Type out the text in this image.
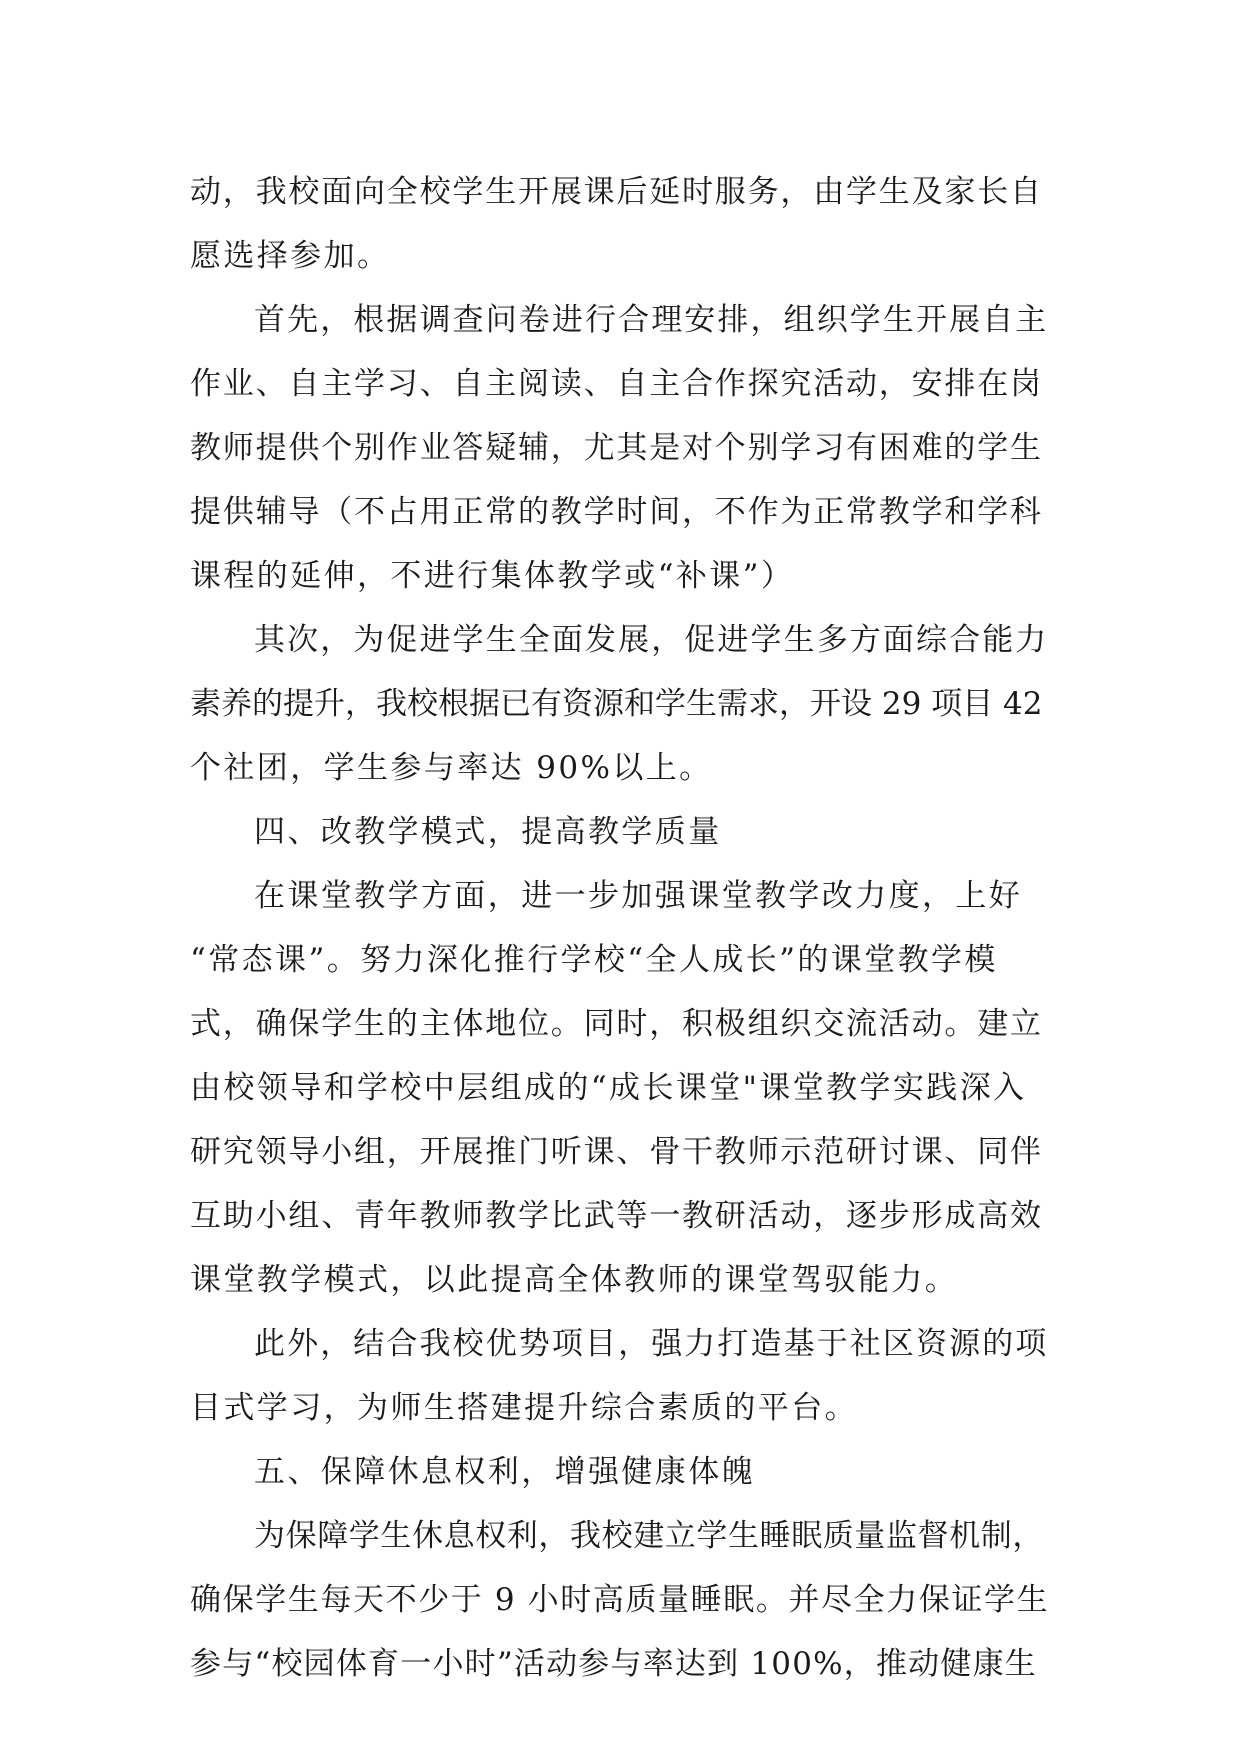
动，我校面向全校学生开展课后延时服务，由学生及家长自
愿选择参加。
首先，根据调查问卷进行合理安排，组织学生开展自主
作业、自主学习、自主阅读、自主合作探究活动，安排在岗
教师提供个别作业答疑辅，尤其是对个别学习有困难的学生
提供辅导（不占用正常的教学时间，不作为正常教学和学科
课程的延伸，不进行集体教学或“补课”）
其次，为促进学生全面发展，促进学生多方面综合能力
素养的提升，我校根据已有资源和学生需求，开设 29 项目 42
个社团，学生参与率达 90%以上。
四、改教学模式，提高教学质量
在课堂教学方面，进一步加强课堂教学改力度，上好
“常态课”。努力深化推行学校“全人成长”的课堂教学模
式，确保学生的主体地位。同时，积极组织交流活动。建立
由校领导和学校中层组成的“成长课堂"课堂教学实践深入
研究领导小组，开展推门听课、骨干教师示范研讨课、同伴
互助小组、青年教师教学比武等一教研活动，逐步形成高效
课堂教学模式，以此提高全体教师的课堂驾驭能力。
此外，结合我校优势项目，强力打造基于社区资源的项
目式学习，为师生搭建提升综合素质的平台。
五、保障休息权利，增强健康体魄
为保障学生休息权利，我校建立学生睡眠质量监督机制，
确保学生每天不少于 9 小时高质量睡眠。并尽全力保证学生
参与“校园体育一小时”活动参与率达到 100%，推动健康生
